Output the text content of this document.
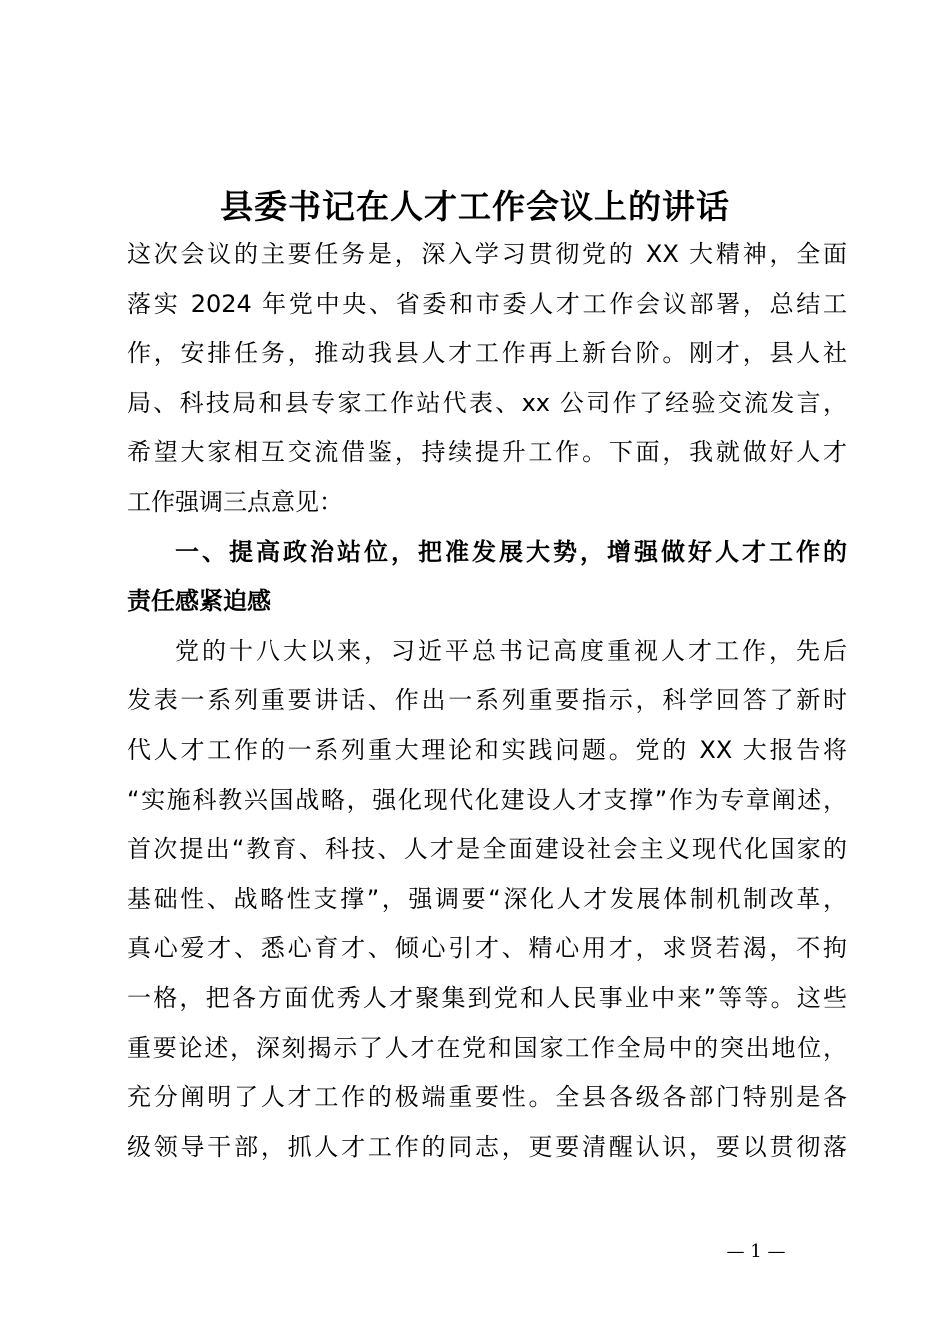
县委书记在人才工作会议上的讲话
这次会议的主要任务是，深入学习贯彻党的 XX 大精神，全面
落实 2024 年党中央、省委和市委人才工作会议部署，总结工
作，安排任务，推动我县人才工作再上新台阶。刚才，县人社
局、科技局和县专家工作站代表、xx 公司作了经验交流发言，
希望大家相互交流借鉴，持续提升工作。下面，我就做好人才
工作强调三点意见：
一、提高政治站位，把准发展大势，增强做好人才工作的
责任感紧迫感
党的十八大以来，习近平总书记高度重视人才工作，先后
发表一系列重要讲话、作出一系列重要指示，科学回答了新时
代人才工作的一系列重大理论和实践问题。党的 XX 大报告将
“实施科教兴国战略，强化现代化建设人才支撑”作为专章阐述，
首次提出“教育、科技、人才是全面建设社会主义现代化国家的
基础性、战略性支撑”，强调要“深化人才发展体制机制改革，
真心爱才、悉心育才、倾心引才、精心用才，求贤若渴，不拘
一格，把各方面优秀人才聚集到党和人民事业中来”等等。这些
重要论述，深刻揭示了人才在党和国家工作全局中的突出地位，
充分阐明了人才工作的极端重要性。全县各级各部门特别是各
级领导干部，抓人才工作的同志，更要清醒认识，要以贯彻落
— 1 —
